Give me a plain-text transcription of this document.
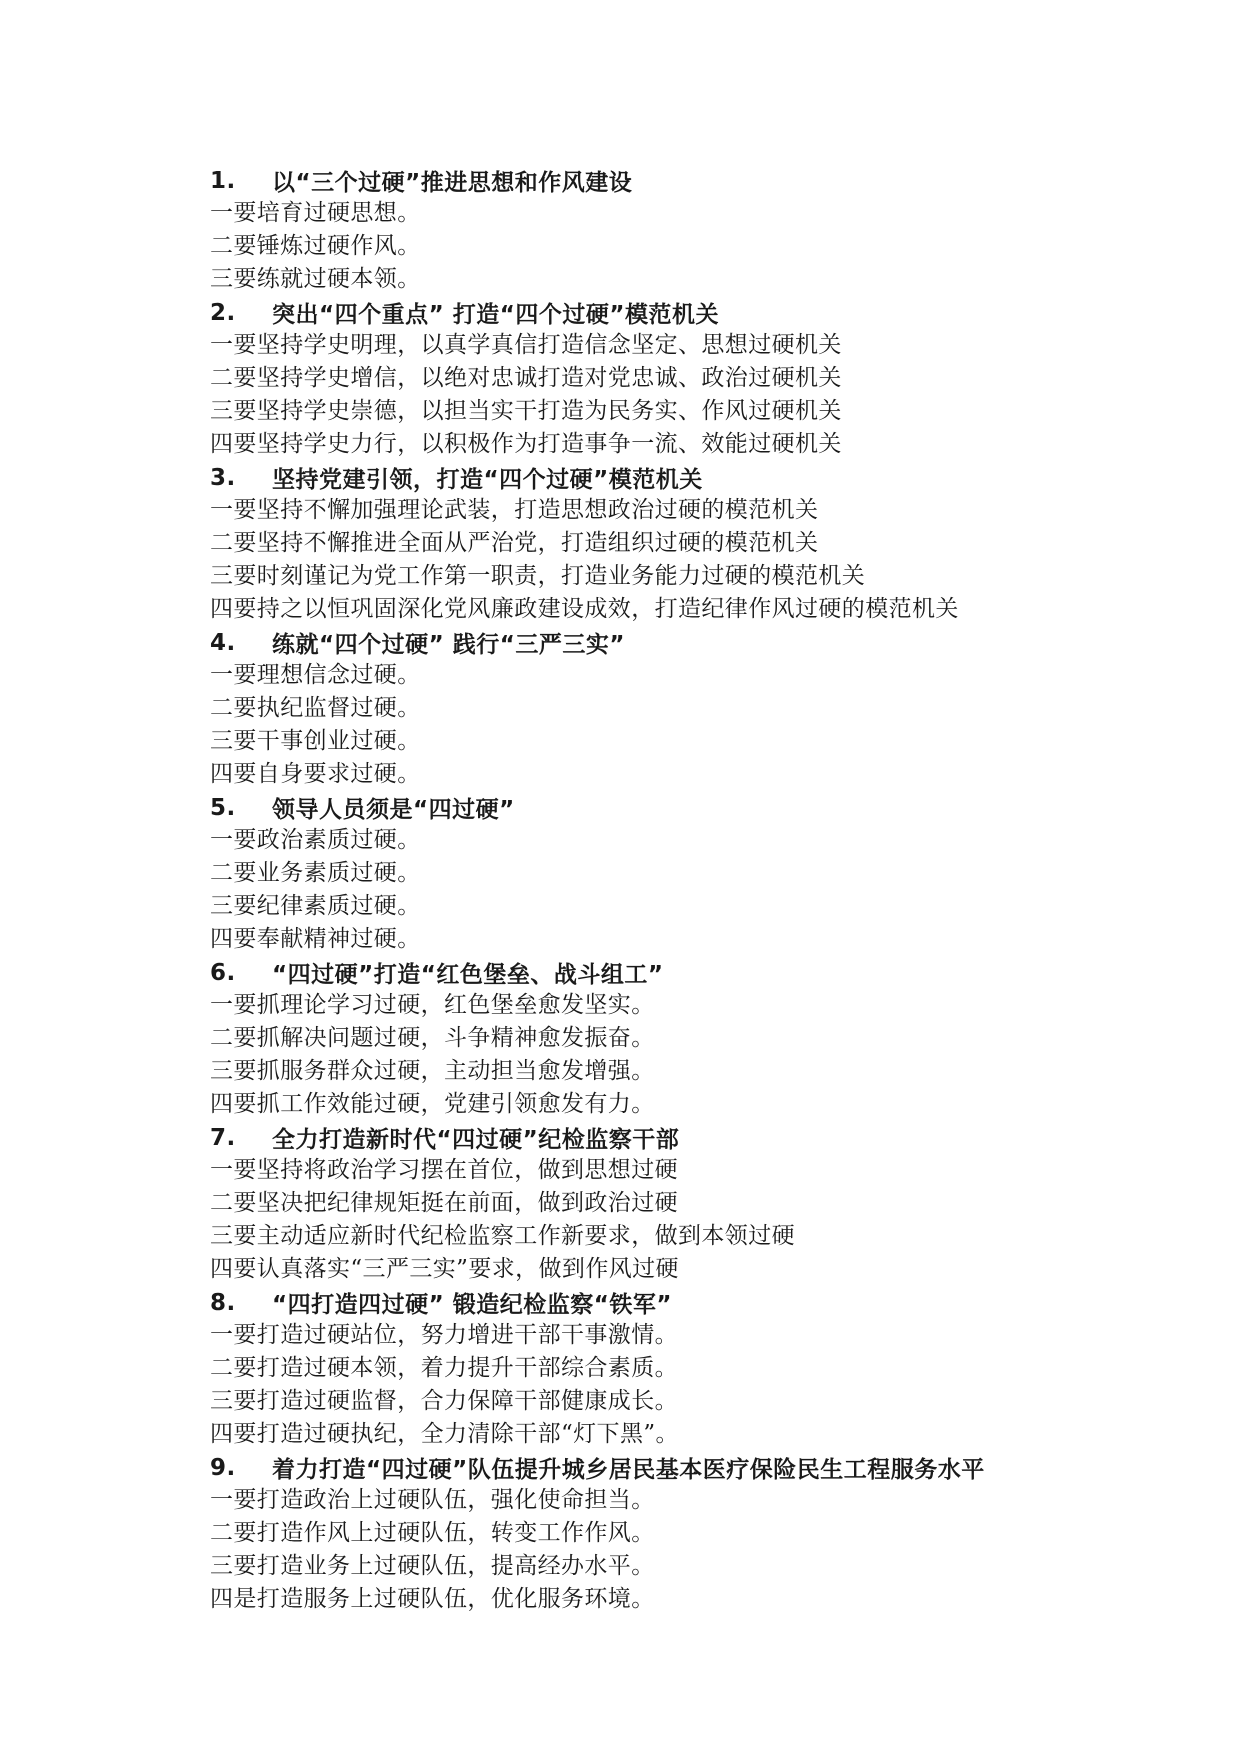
1.	以“三个过硬”推进思想和作风建设
一要培育过硬思想。
二要锤炼过硬作风。
三要练就过硬本领。
2.	突出“四个重点” 打造“四个过硬”模范机关
一要坚持学史明理，以真学真信打造信念坚定、思想过硬机关
二要坚持学史增信，以绝对忠诚打造对党忠诚、政治过硬机关
三要坚持学史崇德，以担当实干打造为民务实、作风过硬机关
四要坚持学史力行，以积极作为打造事争一流、效能过硬机关
3.	坚持党建引领，打造“四个过硬”模范机关
一要坚持不懈加强理论武装，打造思想政治过硬的模范机关
二要坚持不懈推进全面从严治党，打造组织过硬的模范机关
三要时刻谨记为党工作第一职责，打造业务能力过硬的模范机关
四要持之以恒巩固深化党风廉政建设成效，打造纪律作风过硬的模范机关
4.	练就“四个过硬” 践行“三严三实”
一要理想信念过硬。
二要执纪监督过硬。
三要干事创业过硬。
四要自身要求过硬。
5.	领导人员须是“四过硬”
一要政治素质过硬。
二要业务素质过硬。
三要纪律素质过硬。
四要奉献精神过硬。
6.	“四过硬”打造“红色堡垒、战斗组工”
一要抓理论学习过硬，红色堡垒愈发坚实。
二要抓解决问题过硬，斗争精神愈发振奋。
三要抓服务群众过硬，主动担当愈发增强。
四要抓工作效能过硬，党建引领愈发有力。
7.	全力打造新时代“四过硬”纪检监察干部
一要坚持将政治学习摆在首位，做到思想过硬
二要坚决把纪律规矩挺在前面，做到政治过硬
三要主动适应新时代纪检监察工作新要求，做到本领过硬
四要认真落实“三严三实”要求，做到作风过硬
8.	“四打造四过硬” 锻造纪检监察“铁军”
一要打造过硬站位，努力增进干部干事激情。
二要打造过硬本领，着力提升干部综合素质。
三要打造过硬监督，合力保障干部健康成长。
四要打造过硬执纪，全力清除干部“灯下黑”。
9.	着力打造“四过硬”队伍提升城乡居民基本医疗保险民生工程服务水平
一要打造政治上过硬队伍，强化使命担当。
二要打造作风上过硬队伍，转变工作作风。
三要打造业务上过硬队伍，提高经办水平。
四是打造服务上过硬队伍，优化服务环境。
